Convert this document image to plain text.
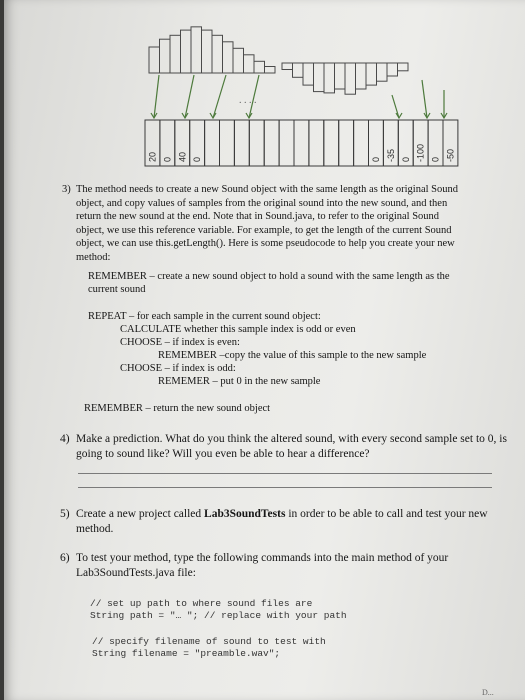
20 0 40 0	0 -35 0 -100 0 -50
. . . .
3) The method needs to create a new Sound object with the same length as the original Sound
object, and copy values of samples from the original sound into the new sound, and then
return the new sound at the end. Note that in Sound.java, to refer to the original Sound
object, we use this reference variable. For example, to get the length of the current Sound
object, we can use this.getLength(). Here is some pseudocode to help you create your new
method:
REMEMBER – create a new sound object to hold a sound with the same length as the
current sound
REPEAT – for each sample in the current sound object:
CALCULATE whether this sample index is odd or even
CHOOSE – if index is even:
REMEMBER –copy the value of this sample to the new sample
CHOOSE – if index is odd:
REMEMER – put 0 in the new sample
REMEMBER – return the new sound object
4) Make a prediction. What do you think the altered sound, with every second sample set to 0, is
going to sound like? Will you even be able to hear a difference?
5) Create a new project called Lab3SoundTests in order to be able to call and test your new
method.
6) To test your method, type the following commands into the main method of your
Lab3SoundTests.java file:
// set up path to where sound files are
String path = "… "; // replace with your path
// specify filename of sound to test with
String filename = "preamble.wav";
D...
